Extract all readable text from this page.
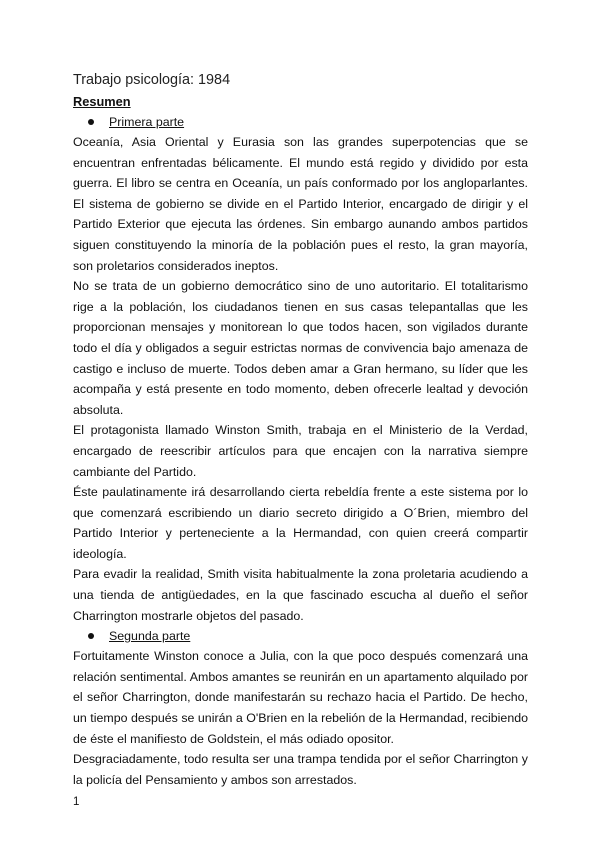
Trabajo psicología: 1984
Resumen
Primera parte

Oceanía, Asia Oriental y Eurasia son las grandes superpotencias que se encuentran enfrentadas bélicamente. El mundo está regido y dividido por esta guerra. El libro se centra en Oceanía, un país conformado por los angloparlantes. El sistema de gobierno se divide en el Partido Interior, encargado de dirigir y el Partido Exterior que ejecuta las órdenes. Sin embargo aunando ambos partidos siguen constituyendo la minoría de la población pues el resto, la gran mayoría, son proletarios considerados ineptos.

No se trata de un gobierno democrático sino de uno autoritario. El totalitarismo rige a la población, los ciudadanos tienen en sus casas telepantallas que les proporcionan mensajes y monitorean lo que todos hacen, son vigilados durante todo el día y obligados a seguir estrictas normas de convivencia bajo amenaza de castigo e incluso de muerte. Todos deben amar a Gran hermano, su líder que les acompaña y está presente en todo momento, deben ofrecerle lealtad y devoción absoluta.

El protagonista llamado Winston Smith, trabaja en el Ministerio de la Verdad, encargado de reescribir artículos para que encajen con la narrativa siempre cambiante del Partido.

Éste paulatinamente irá desarrollando cierta rebeldía frente a este sistema por lo que comenzará escribiendo un diario secreto dirigido a O´Brien, miembro del Partido Interior y perteneciente a la Hermandad, con quien creerá compartir ideología.

Para evadir la realidad, Smith visita habitualmente la zona proletaria acudiendo a una tienda de antigüedades, en la que fascinado escucha al dueño el señor Charrington mostrarle objetos del pasado.

Segunda parte

Fortuitamente Winston conoce a Julia, con la que poco después comenzará una relación sentimental. Ambos amantes se reunirán en un apartamento alquilado por el señor Charrington, donde manifestarán su rechazo hacia el Partido. De hecho, un tiempo después se unirán a O'Brien en la rebelión de la Hermandad, recibiendo de éste el manifiesto de Goldstein, el más odiado opositor.

Desgraciadamente, todo resulta ser una trampa tendida por el señor Charrington y la policía del Pensamiento y ambos son arrestados.

1
